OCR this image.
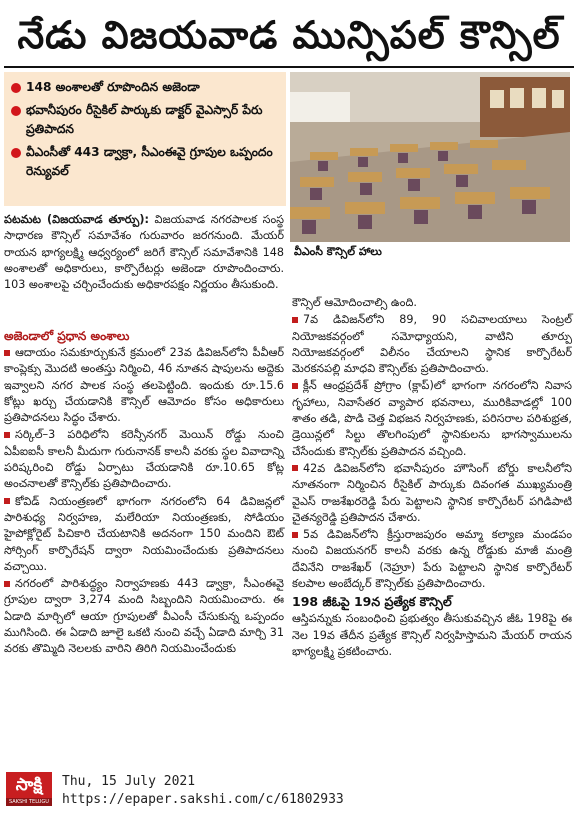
నేడు విజయవాడ మున్సిపల్ కౌన్సిల్
148 అంశాలతో రూపొందిన అజెండా
భవానీపురం రీసైకిల్ పార్కుకు డాక్టర్ వైఎస్సార్ పేరు ప్రతిపాదన
వీఎంసీతో 443 డ్వాక్రా, సీఎంఈవై గ్రూపుల ఒప్పందం రెన్యువల్
వీఎంసీ కౌన్సిల్ హాలు

పటమట (విజయవాడ తూర్పు): విజయవాడ నగరపాలక సంస్థ సాధారణ కౌన్సిల్ సమావేశం గురువారం జరగనుంది. మేయర్ రాయన భాగ్యలక్ష్మి ఆధ్వర్యంలో జరిగే కౌన్సిల్ సమావేశానికి 148 అంశాలతో అధికారులు, కార్పొరేటర్లు అజెండా రూపొందించారు. 103 అంశాలపై చర్చించేందుకు అధికారపక్షం నిర్ణయం తీసుకుంది.

అజెండాలో ప్రధాన అంశాలు

ఆదాయం సమకూర్చుకునే క్రమంలో 23వ డివిజన్‌లోని పీవీఆర్ కాంప్లెక్సు మొదటి అంతస్తు నిర్మించి, 46 నూతన షాపులను అద్దెకు ఇవ్వాలని నగర పాలక సంస్థ తలపెట్టింది. ఇందుకు రూ.15.6 కోట్లు ఖర్చు చేయడానికి కౌన్సిల్ ఆమోదం కోసం అధికారులు ప్రతిపాదనలు సిద్ధం చేశారు.

సర్కిల్–3 పరిధిలోని కరెన్సీనగర్ మెయిన్ రోడ్డు నుంచి ఏపీఐఐసీ కాలనీ మీదుగా గురునానక్ కాలనీ వరకు స్థల వివాదాన్ని పరిష్కరించి రోడ్డు ఏర్పాటు చేయడానికి రూ.10.65 కోట్ల అంచనాలతో కౌన్సిల్‌కు ప్రతిపాదించారు.

కోవిడ్ నియంత్రణలో భాగంగా నగరంలోని 64 డివిజన్లలో పారిశుధ్య నిర్వహణ, మలేరియా నియంత్రణకు, సోడియం హైపోక్లోరైట్ పిచికారి చేయటానికి అదనంగా 150 మందిని ఔట్ సోర్సింగ్ కార్పొరేషన్ ద్వారా నియమించేందుకు ప్రతిపాదనలు వచ్చాయి.

నగరంలో పారిశుద్ధ్యం నిర్వాహణకు 443 డ్వాక్రా, సీఎంఈవై గ్రూపుల ద్వారా 3,274 మంది సిబ్బందిని నియమించారు. ఈ ఏడాది మార్చిలో ఆయా గ్రూపులతో వీఎంసీ చేసుకున్న ఒప్పందం ముగిసింది. ఈ ఏడాది జూలై ఒకటి నుంచి వచ్చే ఏడాది మార్చి 31 వరకు తొమ్మిది నెలలకు వారిని తిరిగి నియమించేందుకు

కౌన్సిల్ ఆమోదించాల్సి ఉంది.

7వ డివిజన్‌లోని 89, 90 సచివాలయాలు సెంట్రల్ నియోజకవర్గంలో సమోధ్యాయని, వాటిని తూర్పు నియోజకవర్గంలో విలీనం చేయాలని స్థానిక కార్పొరేటర్ మెరకనపల్లి మాధవి కౌన్సిల్‌కు ప్రతిపాదించారు.

క్లీన్ ఆంధ్రప్రదేశ్ ప్రోగ్రాం (క్లాప్)లో భాగంగా నగరంలోని నివాస గృహాలు, నివాసేతర వ్యాపార భవనాలు, మురికివాడల్లో 100 శాతం తడి, పొడి చెత్త విభజన నిర్వహణకు, పరిసరాల పరిశుభ్రత, డ్రెయిన్లలో సిల్టు తొలగింపులో స్థానికులను భాగస్వాములను చేసేందుకు కౌన్సిల్‌కు ప్రతిపాదన వచ్చింది.

42వ డివిజన్‌లోని భవానీపురం హౌసింగ్ బోర్డు కాలనీలోని నూతనంగా నిర్మించిన రీసైకిల్ పార్కుకు దివంగత ముఖ్యమంత్రి వైఎస్ రాజశేఖరరెడ్డి పేరు పెట్టాలని స్థానిక కార్పొరేటర్ పగిడిపాటి చైతన్యరెడ్డి ప్రతిపాదన చేశారు.

5వ డివిజన్‌లోని క్రీస్తురాజపురం అమ్మా కల్యాణ మండపం నుంచి విజయనగర్ కాలనీ వరకు ఉన్న రోడ్డుకు మాజీ మంత్రి దేవినేని రాజశేఖర్ (నెహ్రూ) పేరు పెట్టాలని స్థానిక కార్పొరేటర్ కలపాల అంబేద్కర్ కౌన్సిల్‌కు ప్రతిపాదించారు.

198 జీఓపై 19న ప్రత్యేక కౌన్సిల్

ఆస్తిపన్నుకు సంబంధించి ప్రభుత్వం తీసుకువచ్చిన జీఓ 198పై ఈ నెల 19వ తేదీన ప్రత్యేక కౌన్సిల్ నిర్వహిస్తామని మేయర్ రాయన భాగ్యలక్ష్మి ప్రకటించారు.

సాక్షి
SAKSHI TELUGU DAILY
Thu, 15 July 2021
https://epaper.sakshi.com/c/61802933
